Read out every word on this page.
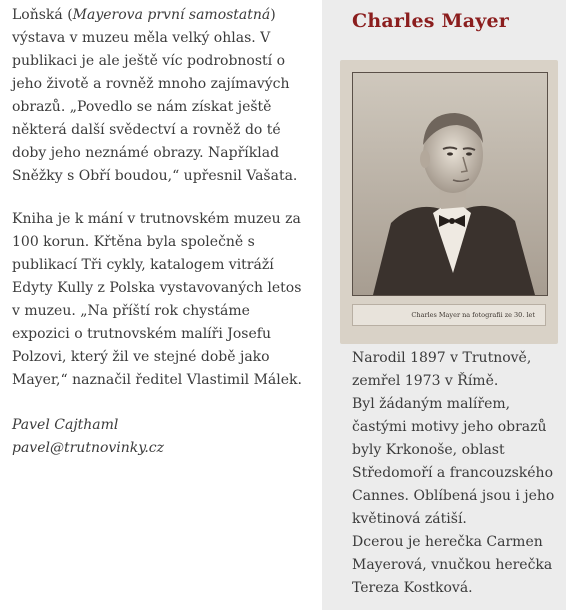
Loňská (Mayerova první samostatná) výstava v muzeu měla velký ohlas. V publikaci je ale ještě víc podrobností o jeho životě a rovněž mnoho zajímavých obrazů. „Povedlo se nám získat ještě některá další svědectví a rovněž do té doby jeho neznámé obrazy. Například Sněžky s Obří boudou,“ upřesnil Vašata.

Kniha je k mání v trutnovském muzeu za 100 korun. Křtěna byla společně s publikací Tři cykly, katalogem vitráží Edyty Kully z Polska vystavovaných letos v muzeu. „Na příští rok chystáme expozici o trutnovském malíři Josefu Polzovi, který žil ve stejné době jako Mayer,“ naznačil ředitel Vlastimil Málek.

Pavel Cajthaml
pavel@trutnovinky.cz

Charles Mayer
Charles Mayer na fotografii ze 30. let

Narodil 1897 v Trutnově,
zemřel 1973 v Římě.
Byl žádaným malířem,
častými motivy jeho obrazů
byly Krkonoše, oblast
Středomoří a francouzského
Cannes. Oblíbená jsou i jeho
květinová zátiší.
Dcerou je herečka Carmen
Mayerová, vnučkou herečka
Tereza Kostková.
